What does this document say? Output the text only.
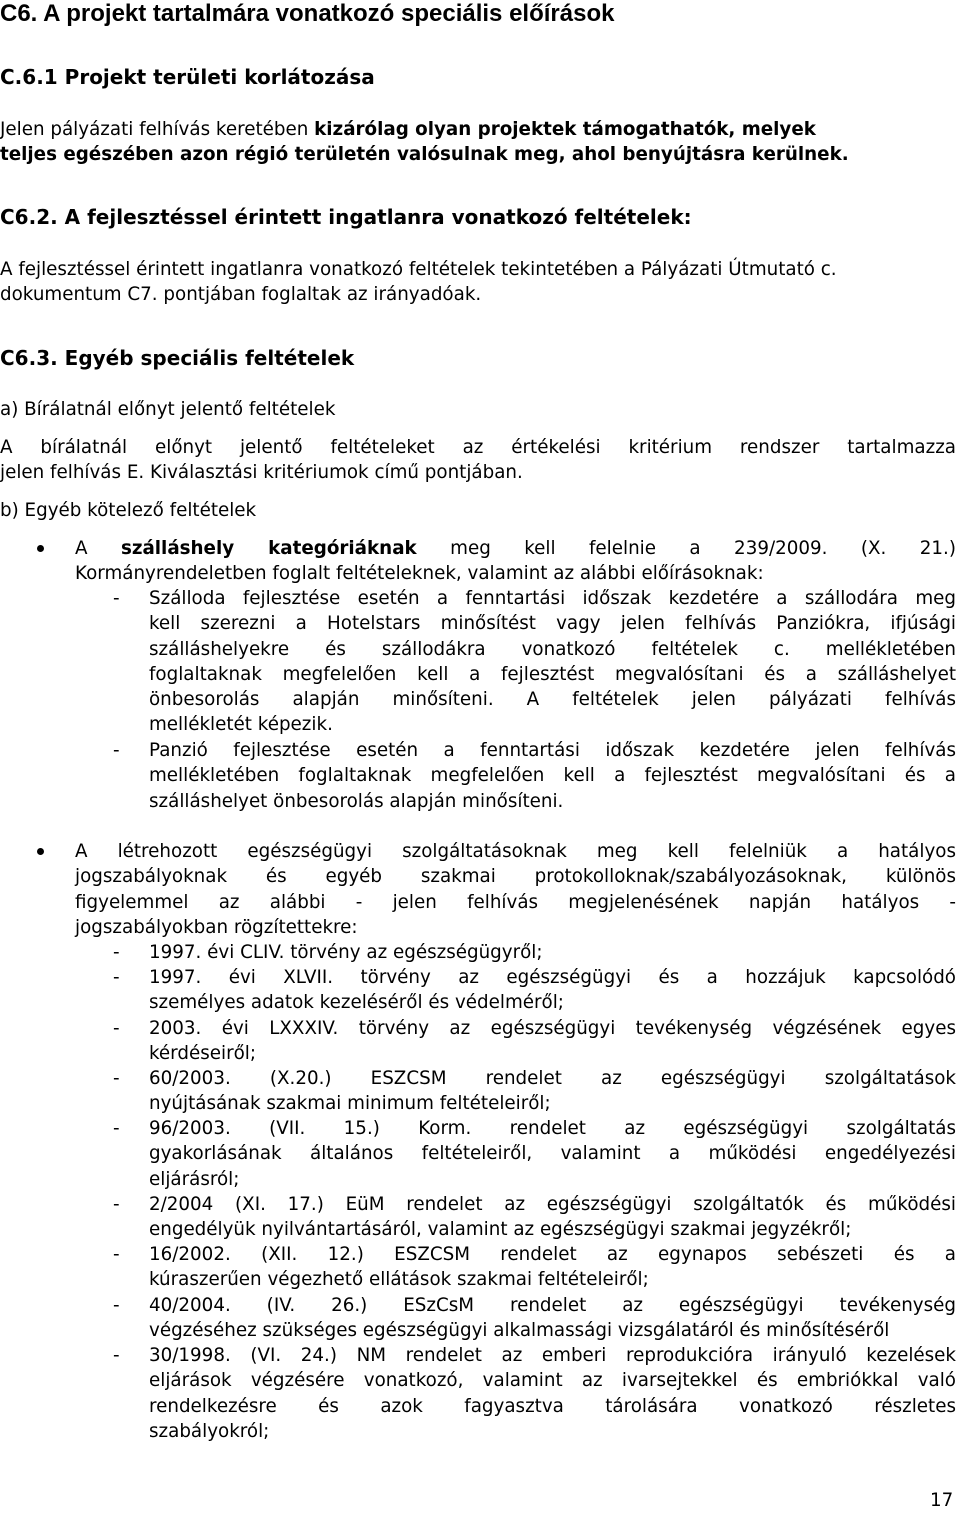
C6. A projekt tartalmára vonatkozó speciális előírások
C.6.1 Projekt területi korlátozása

Jelen pályázati felhívás keretében kizárólag olyan projektek támogathatók, melyek
teljes egészében azon régió területén valósulnak meg, ahol benyújtásra kerülnek.

C6.2. A fejlesztéssel érintett ingatlanra vonatkozó feltételek:

A fejlesztéssel érintett ingatlanra vonatkozó feltételek tekintetében a Pályázati Útmutató c.
dokumentum C7. pontjában foglaltak az irányadóak.

C6.3. Egyéb speciális feltételek

a) Bírálatnál előnyt jelentő feltételek

A bírálatnál előnyt jelentő feltételeket az értékelési kritérium rendszer tartalmazza
jelen felhívás E. Kiválasztási kritériumok című pontjában.

b) Egyéb kötelező feltételek

A szálláshely kategóriáknak meg kell felelnie a 239/2009. (X. 21.)
Kormányrendeletben foglalt feltételeknek, valamint az alábbi előírásoknak:
- Szálloda fejlesztése esetén a fenntartási időszak kezdetére a szállodára meg
kell szerezni a Hotelstars minősítést vagy jelen felhívás Panziókra, ifjúsági
szálláshelyekre és szállodákra vonatkozó feltételek c. mellékletében
foglaltaknak megfelelően kell a fejlesztést megvalósítani és a szálláshelyet
önbesorolás alapján minősíteni. A feltételek jelen pályázati felhívás
mellékletét képezik.
- Panzió fejlesztése esetén a fenntartási időszak kezdetére jelen felhívás
mellékletében foglaltaknak megfelelően kell a fejlesztést megvalósítani és a
szálláshelyet önbesorolás alapján minősíteni.
A létrehozott egészségügyi szolgáltatásoknak meg kell felelniük a hatályos
jogszabályoknak és egyéb szakmai protokolloknak/szabályozásoknak, különös
figyelemmel az alábbi - jelen felhívás megjelenésének napján hatályos -
jogszabályokban rögzítettekre:
- 1997. évi CLIV. törvény az egészségügyről;
- 1997. évi XLVII. törvény az egészségügyi és a hozzájuk kapcsolódó
személyes adatok kezeléséről és védelméről;
- 2003. évi LXXXIV. törvény az egészségügyi tevékenység végzésének egyes
kérdéseiről;
- 60/2003. (X.20.) ESZCSM rendelet az egészségügyi szolgáltatások
nyújtásának szakmai minimum feltételeiről;
- 96/2003. (VII. 15.) Korm. rendelet az egészségügyi szolgáltatás
gyakorlásának általános feltételeiről, valamint a működési engedélyezési
eljárásról;
- 2/2004 (XI. 17.) EüM rendelet az egészségügyi szolgáltatók és működési
engedélyük nyilvántartásáról, valamint az egészségügyi szakmai jegyzékről;
- 16/2002. (XII. 12.) ESZCSM rendelet az egynapos sebészeti és a
kúraszerűen végezhető ellátások szakmai feltételeiről;
- 40/2004. (IV. 26.) ESzCsM rendelet az egészségügyi tevékenység
végzéséhez szükséges egészségügyi alkalmassági vizsgálatáról és minősítéséről
- 30/1998. (VI. 24.) NM rendelet az emberi reprodukcióra irányuló kezelések
eljárások végzésére vonatkozó, valamint az ivarsejtekkel és embriókkal való
rendelkezésre és azok fagyasztva tárolására vonatkozó részletes
szabályokról;
17
